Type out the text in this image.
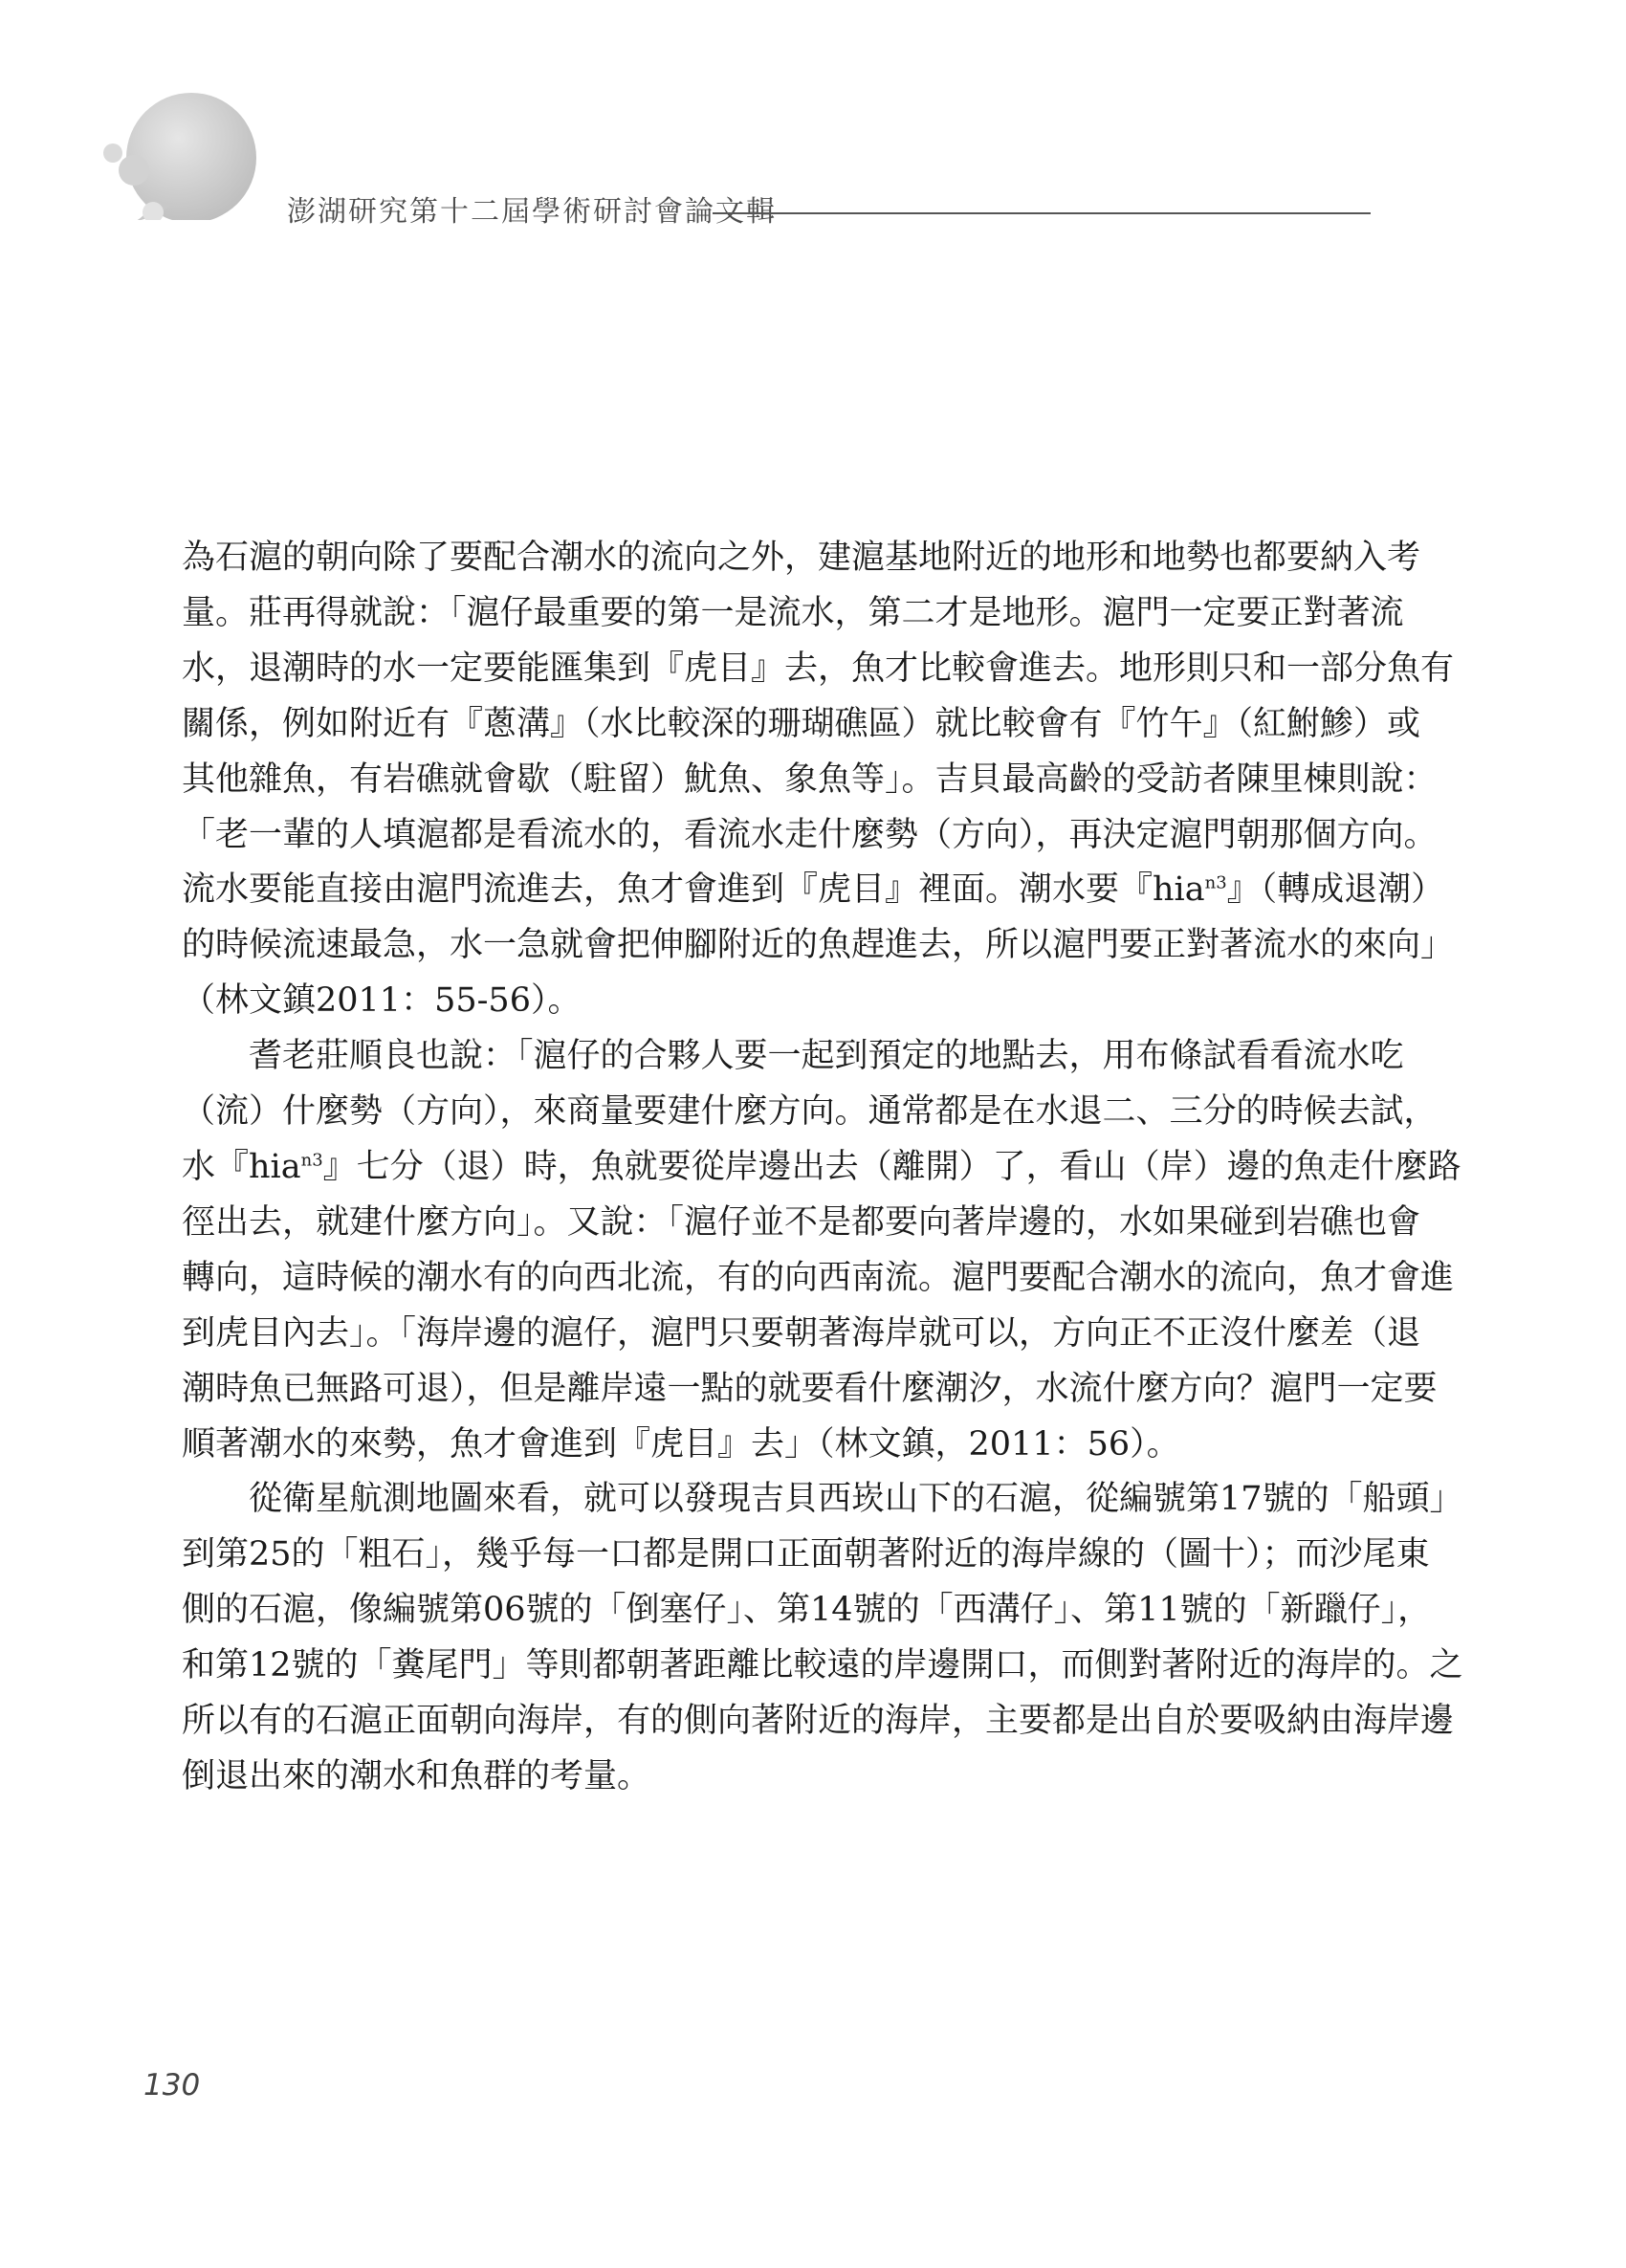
澎湖研究第十二屆學術研討會論文輯
為石滬的朝向除了要配合潮水的流向之外，建滬基地附近的地形和地勢也都要納入考
量。莊再得就說：「滬仔最重要的第一是流水，第二才是地形。滬門一定要正對著流
水，退潮時的水一定要能匯集到『虎目』去，魚才比較會進去。地形則只和一部分魚有
關係，例如附近有『蔥溝』（水比較深的珊瑚礁區）就比較會有『竹午』（紅鮒鯵）或
其他雜魚，有岩礁就會歇（駐留）魷魚、象魚等」。吉貝最高齡的受訪者陳里棟則說：
「老一輩的人填滬都是看流水的，看流水走什麼勢（方向），再決定滬門朝那個方向。
流水要能直接由滬門流進去，魚才會進到『虎目』裡面。潮水要『hia$^{n3}$』（轉成退潮）
的時候流速最急，水一急就會把伸腳附近的魚趕進去，所以滬門要正對著流水的來向」
（林文鎮2011：55-56）。
耆老莊順良也說：「滬仔的合夥人要一起到預定的地點去，用布條試看看流水吃
（流）什麼勢（方向），來商量要建什麼方向。通常都是在水退二、三分的時候去試，
水『hia$^{n3}$』七分（退）時，魚就要從岸邊出去（離開）了，看山（岸）邊的魚走什麼路
徑出去，就建什麼方向」。又說：「滬仔並不是都要向著岸邊的，水如果碰到岩礁也會
轉向，這時候的潮水有的向西北流，有的向西南流。滬門要配合潮水的流向，魚才會進
到虎目內去」。「海岸邊的滬仔，滬門只要朝著海岸就可以，方向正不正沒什麼差（退
潮時魚已無路可退），但是離岸遠一點的就要看什麼潮汐，水流什麼方向？滬門一定要
順著潮水的來勢，魚才會進到『虎目』去」（林文鎮，2011：56）。
從衛星航測地圖來看，就可以發現吉貝西崁山下的石滬，從編號第17號的「船頭」
到第25的「粗石」，幾乎每一口都是開口正面朝著附近的海岸線的（圖十）；而沙尾東
側的石滬，像編號第06號的「倒塞仔」、第14號的「西溝仔」、第11號的「新躐仔」，
和第12號的「糞尾門」等則都朝著距離比較遠的岸邊開口，而側對著附近的海岸的。之
所以有的石滬正面朝向海岸，有的側向著附近的海岸，主要都是出自於要吸納由海岸邊
倒退出來的潮水和魚群的考量。
130
